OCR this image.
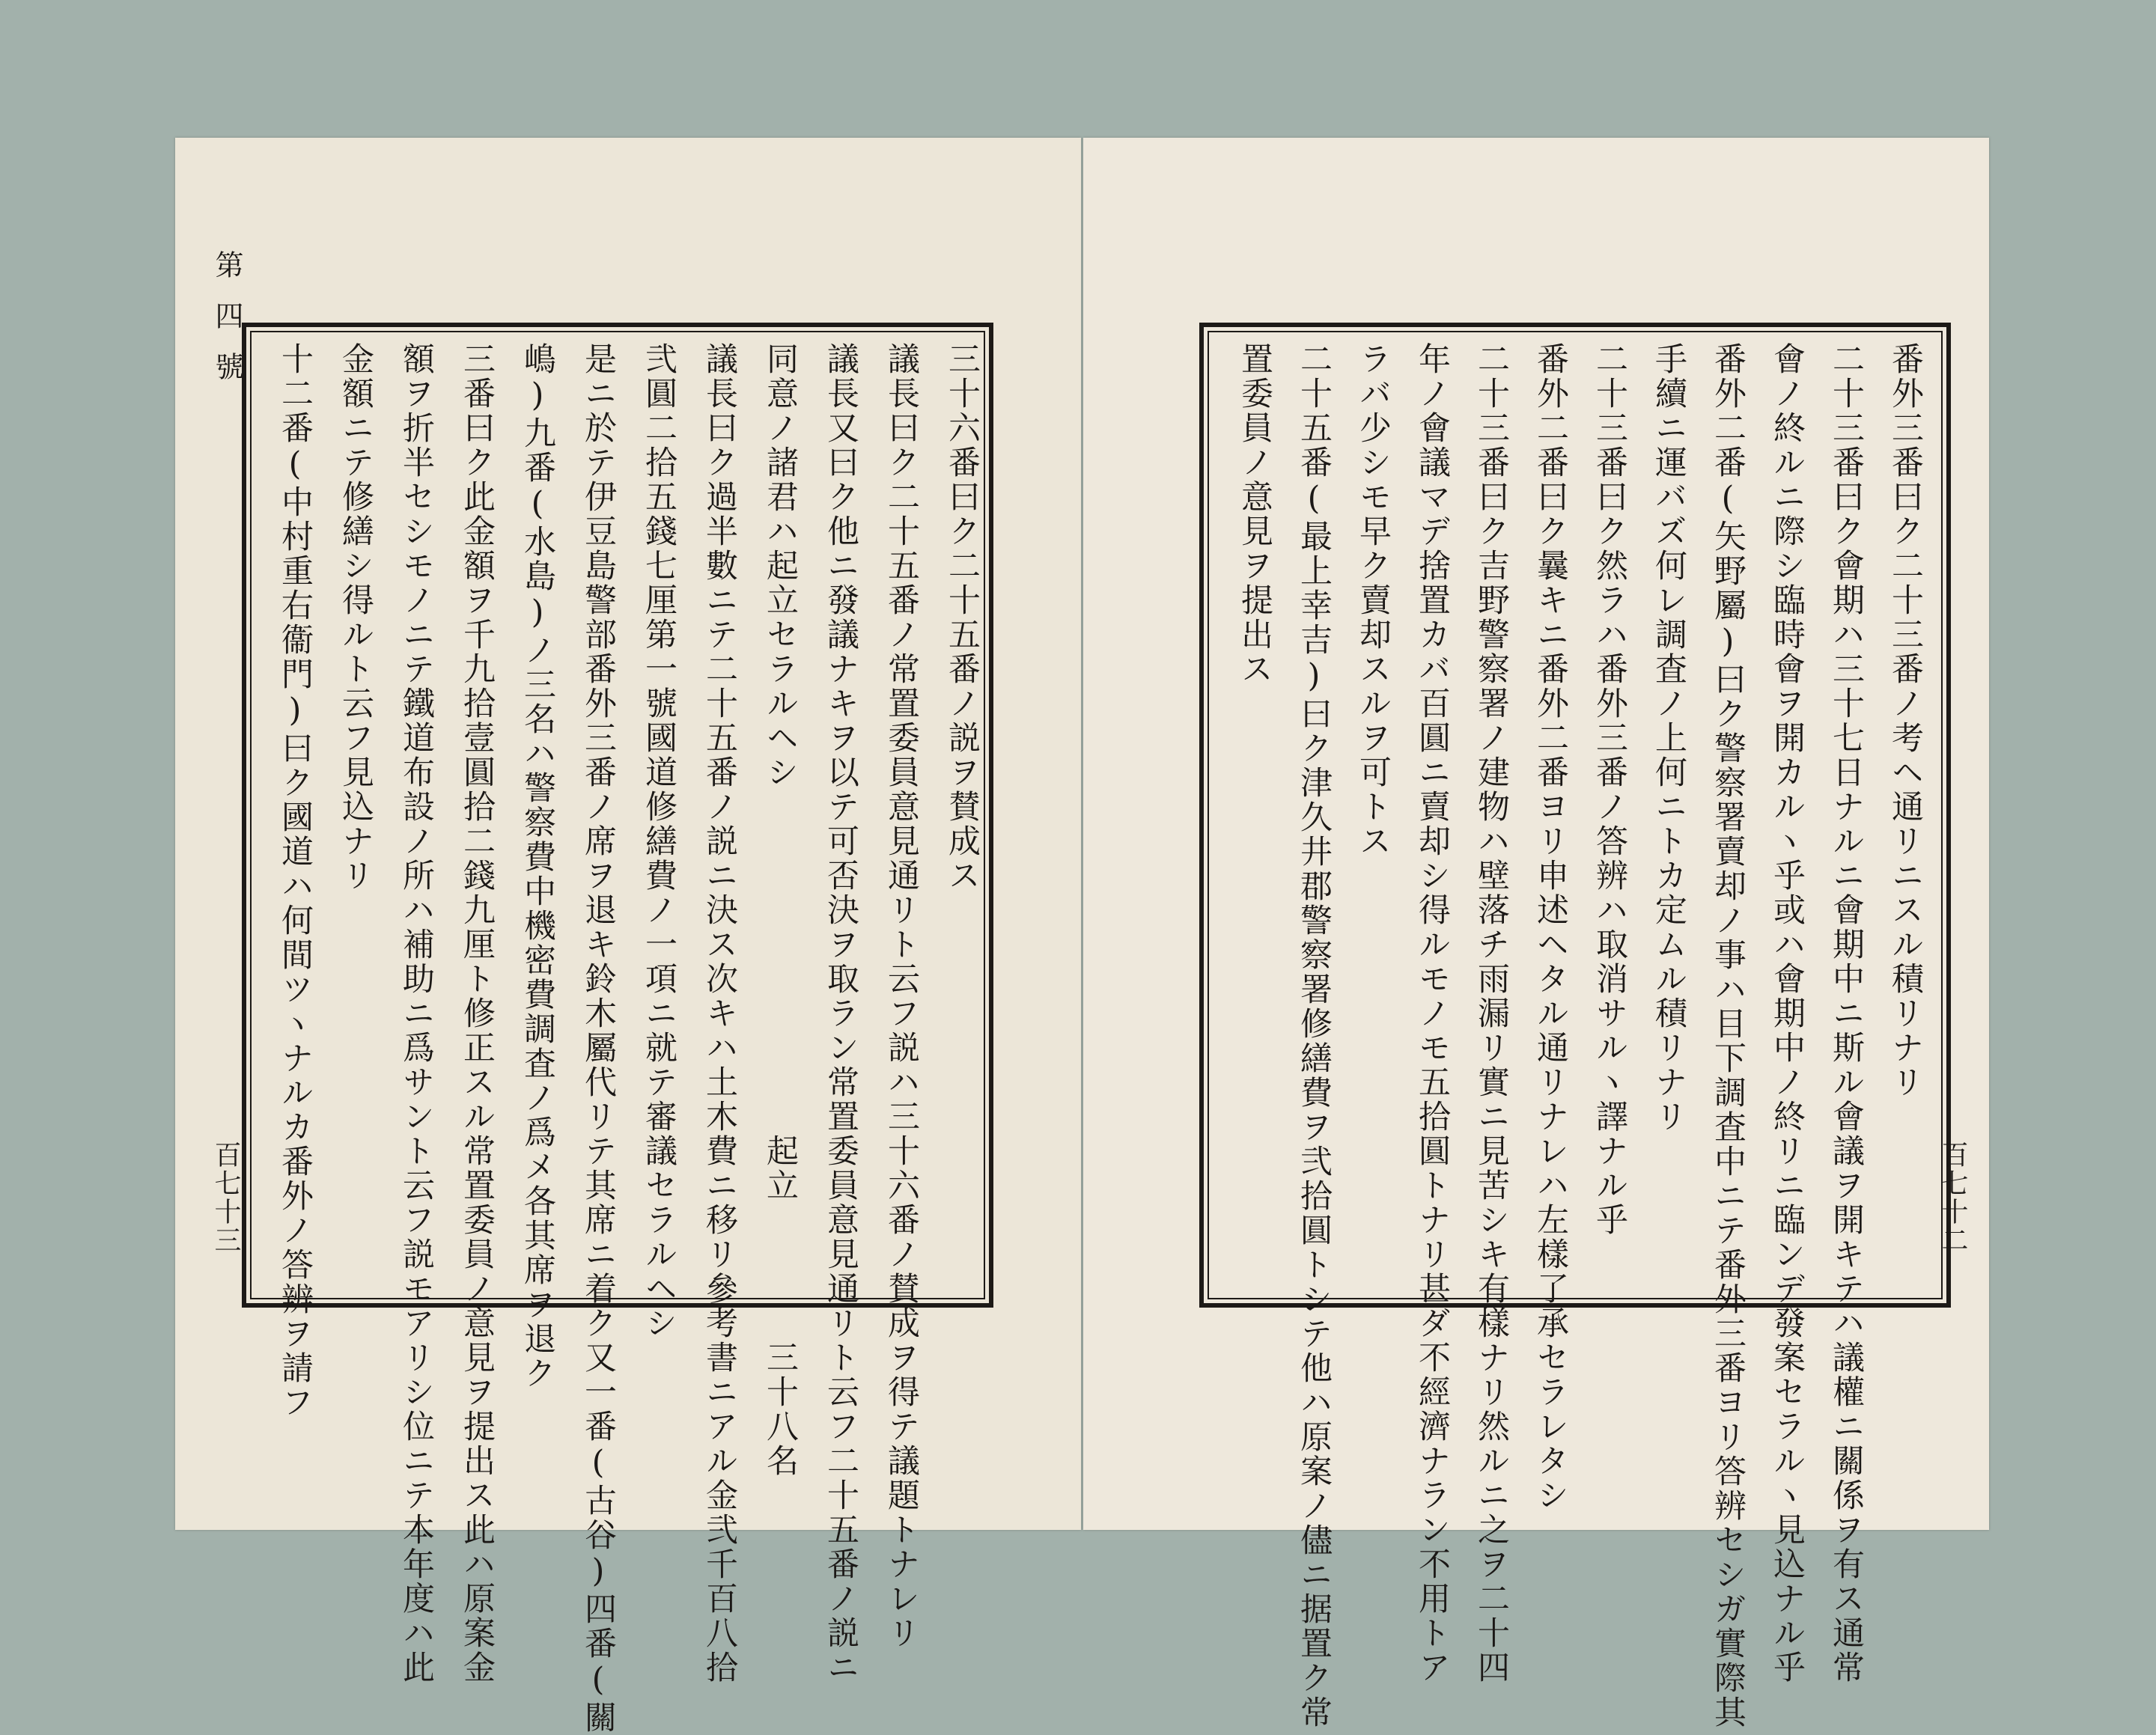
第四號
三十六番曰ク二十五番ノ説ヲ賛成ス
議長曰ク二十五番ノ常置委員意見通リト云フ説ハ三十六番ノ賛成ヲ得テ議題トナレリ
議長又曰ク他ニ發議ナキヲ以テ可否決ヲ取ラン常置委員意見通リト云フ二十五番ノ説ニ
同意ノ諸君ハ起立セラルヘシ　　　　　　　　　　起立　　　　三十八名
議長曰ク過半數ニテ二十五番ノ説ニ決ス次キハ土木費ニ移リ參考書ニアル金弐千百八拾
弐圓二拾五錢七厘第一號國道修繕費ノ一項ニ就テ審議セラルヘシ
是ニ於テ伊豆島警部番外三番ノ席ヲ退キ鈴木屬代リテ其席ニ着ク又一番(古谷)四番(關
嶋)九番(水島)ノ三名ハ警察費中機密費調査ノ爲メ各其席ヲ退ク
三番曰ク此金額ヲ千九拾壹圓拾二錢九厘ト修正スル常置委員ノ意見ヲ提出ス此ハ原案金
額ヲ折半セシモノニテ鐵道布設ノ所ハ補助ニ爲サント云フ説モアリシ位ニテ本年度ハ此
金額ニテ修繕シ得ルト云フ見込ナリ
十二番(中村重右衞門)曰ク國道ハ何間ツヽナルカ番外ノ答辨ヲ請フ
百七十三
番外三番曰ク二十三番ノ考ヘ通リニスル積リナリ
二十三番曰ク會期ハ三十七日ナルニ會期中ニ斯ル會議ヲ開キテハ議權ニ關係ヲ有ス通常
會ノ終ルニ際シ臨時會ヲ開カルヽ乎或ハ會期中ノ終リニ臨ンデ發案セラルヽ見込ナル乎
番外二番(矢野屬)曰ク警察署賣却ノ事ハ目下調査中ニテ番外三番ヨリ答辨セシガ實際其
手續ニ運バズ何レ調査ノ上何ニトカ定ムル積リナリ
二十三番曰ク然ラハ番外三番ノ答辨ハ取消サルヽ譯ナル乎
番外二番曰ク曩キニ番外二番ヨリ申述ヘタル通リナレハ左樣了承セラレタシ
二十三番曰ク吉野警察署ノ建物ハ壁落チ雨漏リ實ニ見苦シキ有樣ナリ然ルニ之ヲ二十四
年ノ會議マデ捨置カバ百圓ニ賣却シ得ルモノモ五拾圓トナリ甚ダ不經濟ナラン不用トア
ラバ少シモ早ク賣却スルヲ可トス
二十五番(最上幸吉)曰ク津久井郡警察署修繕費ヲ弐拾圓トシテ他ハ原案ノ儘ニ据置ク常
置委員ノ意見ヲ提出ス
百七十二
